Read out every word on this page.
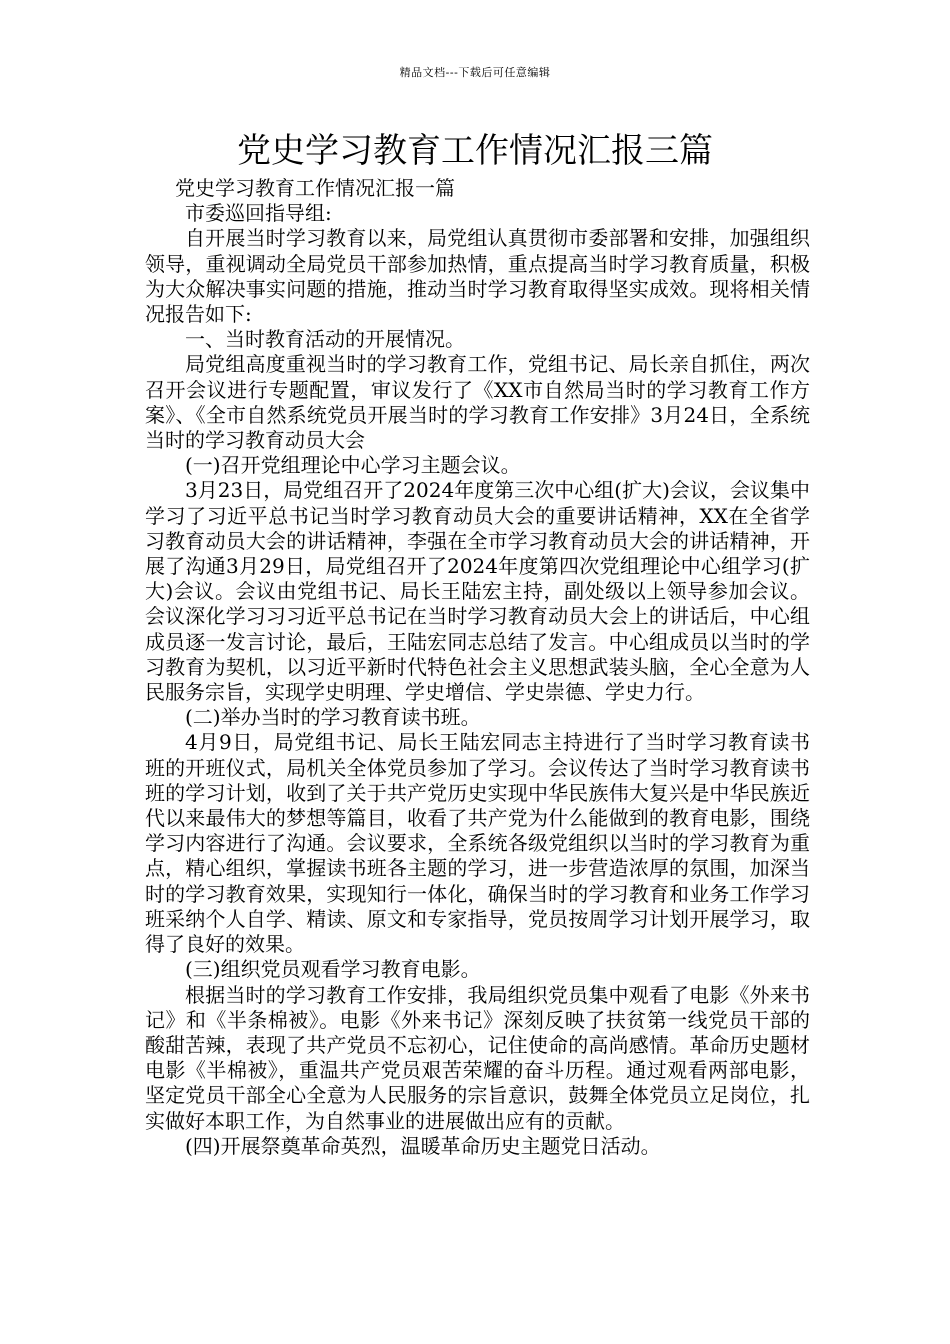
精品文档---下载后可任意编辑
党史学习教育工作情况汇报三篇

党史学习教育工作情况汇报一篇

市委巡回指导组:

自开展当时学习教育以来，局党组认真贯彻市委部署和安排，加强组织领导，重视调动全局党员干部参加热情，重点提高当时学习教育质量，积极为大众解决事实问题的措施，推动当时学习教育取得坚实成效。现将相关情况报告如下:

一、当时教育活动的开展情况。

局党组高度重视当时的学习教育工作，党组书记、局长亲自抓住，两次召开会议进行专题配置，审议发行了《XX市自然局当时的学习教育工作方案》、《全市自然系统党员开展当时的学习教育工作安排》3月24日，全系统当时的学习教育动员大会

(一)召开党组理论中心学习主题会议。

3月23日，局党组召开了2024年度第三次中心组(扩大)会议，会议集中学习了习近平总书记当时学习教育动员大会的重要讲话精神，XX在全省学习教育动员大会的讲话精神，李强在全市学习教育动员大会的讲话精神，开展了沟通3月29日，局党组召开了2024年度第四次党组理论中心组学习(扩大)会议。会议由党组书记、局长王陆宏主持，副处级以上领导参加会议。会议深化学习习习近平总书记在当时学习教育动员大会上的讲话后，中心组成员逐一发言讨论，最后，王陆宏同志总结了发言。中心组成员以当时的学习教育为契机，以习近平新时代特色社会主义思想武装头脑，全心全意为人民服务宗旨，实现学史明理、学史增信、学史崇德、学史力行。

(二)举办当时的学习教育读书班。

4月9日，局党组书记、局长王陆宏同志主持进行了当时学习教育读书班的开班仪式，局机关全体党员参加了学习。会议传达了当时学习教育读书班的学习计划，收到了关于共产党历史实现中华民族伟大复兴是中华民族近代以来最伟大的梦想等篇目，收看了共产党为什么能做到的教育电影，围绕学习内容进行了沟通。会议要求，全系统各级党组织以当时的学习教育为重点，精心组织，掌握读书班各主题的学习，进一步营造浓厚的氛围，加深当时的学习教育效果，实现知行一体化，确保当时的学习教育和业务工作学习班采纳个人自学、精读、原文和专家指导，党员按周学习计划开展学习，取得了良好的效果。

(三)组织党员观看学习教育电影。

根据当时的学习教育工作安排，我局组织党员集中观看了电影《外来书记》和《半条棉被》。电影《外来书记》深刻反映了扶贫第一线党员干部的酸甜苦辣，表现了共产党员不忘初心，记住使命的高尚感情。革命历史题材电影《半棉被》，重温共产党员艰苦荣耀的奋斗历程。通过观看两部电影，坚定党员干部全心全意为人民服务的宗旨意识，鼓舞全体党员立足岗位，扎实做好本职工作，为自然事业的进展做出应有的贡献。

(四)开展祭奠革命英烈，温暖革命历史主题党日活动。
